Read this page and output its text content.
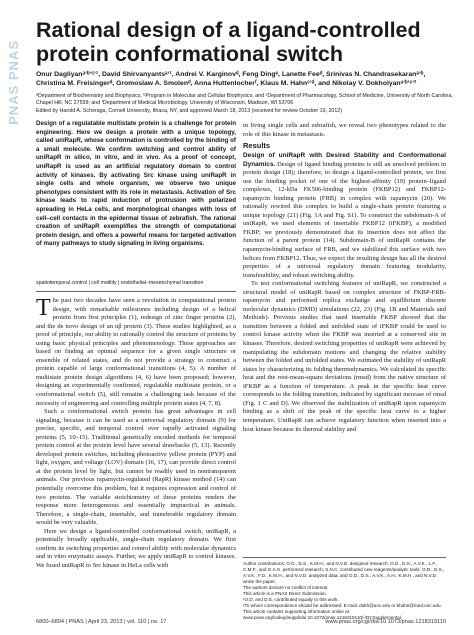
PNAS PNAS
Rational design of a ligand-controlled protein conformational switch
Onur Dagliyanᵃʼᵇʼᶜʼ¹, David Shirvanyantsᵃʼ¹, Andrei V. Karginovᵈ, Feng Dingᵉ, Lanette Feeᵈ, Srinivas N. Chandrasekaranᵃʼᵇ, Christina M. Freisingerᵈ, Gromoslaw A. Smolenᵈ, Anna Huttenlocherᶠ, Klaus M. Hahnᶜʼᵈ, and Nikolay V. Dokholyanᵃʼᵇʼᶜʼ²
ᵃDepartment of Biochemistry and Biophysics, ᵇProgram in Molecular and Cellular Biophysics, and ᶜDepartment of Pharmacology, School of Medicine, University of North Carolina, Chapel Hill, NC 27599; and ᶠDepartment of Medical Microbiology, University of Wisconsin, Madison, WI 53706
Edited by Harold A. Scheraga, Cornell University, Ithaca, NY, and approved March 18, 2013 (received for review October 19, 2012)
Design of a regulatable multistate protein is a challenge for protein engineering. Here we design a protein with a unique topology, called uniRapR, whose conformation is controlled by the binding of a small molecule. We confirm switching and control ability of uniRapR in silico, in vitro, and in vivo. As a proof of concept, uniRapR is used as an artificial regulatory domain to control activity of kinases. By activating Src kinase using uniRapR in single cells and whole organism, we observe two unique phenotypes consistent with its role in metastasis. Activation of Src kinase leads to rapid induction of protrusion with polarized spreading in HeLa cells, and morphological changes with loss of cell–cell contacts in the epidermal tissue of zebrafish. The rational creation of uniRapR exemplifies the strength of computational protein design, and offers a powerful means for targeted activation of many pathways to study signaling in living organisms.
spatiotemporal control | cell motility | endothelial–mesenchymal transition

The past two decades have seen a revolution in computational protein design, with remarkable milestones including design of a helical protein from first principles (1), redesign of zinc finger proteins (2), and the de novo design of an αβ protein (3). These studies highlighted, as a proof of principle, our ability to rationally control the structure of proteins by using basic physical principles and phenomenology. These approaches are based on finding an optimal sequence for a given single structure or ensemble of related states, and do not provide a strategy to construct a protein capable of large conformational transitions (4, 5). A number of multistate protein design algorithms (4, 6) have been proposed; however, designing an experimentally confirmed, regulatable multistate protein, or a conformational switch (5), still remains a challenging task because of the necessity of engineering and controlling multiple protein states (4, 7, 8).

Such a conformational switch protein has great advantages in cell signaling, because it can be used as a universal regulatory domain (9) for precise, specific, and temporal control over rapidly activated signaling proteins (5, 10–15). Traditional genetically encoded methods for temporal protein control at the protein level have several drawbacks (5, 13). Recently developed protein switches, including photoactive yellow protein (PYP) and light, oxygen, and voltage (LOV) domain (16, 17), can provide direct control at the protein level by light, but cannot be readily used in nontransparent animals. Our previous rapamycin-regulated (RapR) kinase method (14) can potentially overcome this problem, but it requires expression and control of two proteins. The variable stoichiometry of these proteins renders the response more heterogeneous and essentially impractical in animals. Therefore, a single-chain, insertable, and transferable regulatory domain would be very valuable.

Here we design a ligand-controlled conformational switch, uniRapR, a potentially broadly applicable, single-chain regulatory domain. We first confirm its switching properties and control ability with molecular dynamics and in vitro enzymatic assays. Further, we apply uniRapR to control kinases. We fused uniRapR to Src kinase in HeLa cells with

in living single cells and zebrafish, we reveal two phenotypes related to the role of this kinase in metastasis.
Results

Design of uniRapR with Desired Stability and Conformational Dynamics. Design of ligand binding proteins is still an unsolved problem in protein design (18); therefore, to design a ligand-controlled protein, we first use the binding pocket of one of the highest-affinity (19) protein–ligand complexes, 12-kDa FK506-binding protein (FKBP12) and FKBP12-rapamycin binding protein (FRB) in complex with rapamycin (20). We rationally rewired this complex to build a single-chain protein featuring a unique topology (21) (Fig. 1A and Fig. S1). To construct the subdomain-A of uniRapR, we used elements of insertable FKBP12 (iFKBP), a modified FKBP; we previously demonstrated that its insertion does not affect the function of a parent protein (14). Subdomain-B of uniRapR contains the rapamycin-binding surface of FRB, and we stabilized this surface with two helices from FKBP12. Thus, we expect the resulting design has all the desired properties of a universal regulatory domain featuring modularity, transferability, and robust switching ability.

To test conformational switching features of uniRapR, we constructed a structural model of uniRapR based on complex structure of FKBP-FRB-rapamycin and performed replica exchange and equilibrium discrete molecular dynamics (DMD) simulations (22, 23) (Fig. 1B and Materials and Methods). Previous studies that used insertable FKBP showed that the transition between a folded and unfolded state of iFKBP could be used to control kinase activity when the FKBP was inserted at a conserved site in kinases. Therefore, desired switching properties of uniRapR were achieved by manipulating the subdomain motions and changing the relative stability between the folded and unfolded states. We estimated the stability of uniRapR states by characterizing its folding thermodynamics. We calculated its specific heat and the root-mean-square deviations (rmsd) from the native structure of iFKBP as a function of temperature. A peak in the specific heat curve corresponds to the folding transition, indicated by significant increase of rmsd (Fig. 1 C and D). We observed the stabilization of uniRapR upon rapamycin binding as a shift of the peak of the specific heat curve to a higher temperature. UniRapR can achieve regulatory function when inserted into a host kinase because its thermal stability and

Author contributions: O.D., D.S., K.M.H., and N.V.D. designed research; O.D., D.S., A.V.K., L.F., C.M.F., and G.A.S. performed research; S.N.C. contributed new reagents/analytic tools; O.D., D.S., A.V.K., F.D., K.M.H., and N.V.D. analyzed data; and O.D., D.S., A.V.K., A.H., K.M.H., and N.V.D. wrote the paper.
The authors declare no conflict of interest.
This article is a PNAS Direct Submission.
¹O.D. and D.S. contributed equally to this work.
²To whom correspondence should be addressed. E-mail: dokh@unc.edu or khahn@med.unc.edu.
This article contains supporting information online at www.pnas.org/lookup/suppl/doi:10.1073/pnas.1218319110/-/DCSupplemental.
6800–6804 | PNAS | April 23, 2013 | vol. 110 | no. 17	www.pnas.org/cgi/doi/10.1073/pnas.1218319110
